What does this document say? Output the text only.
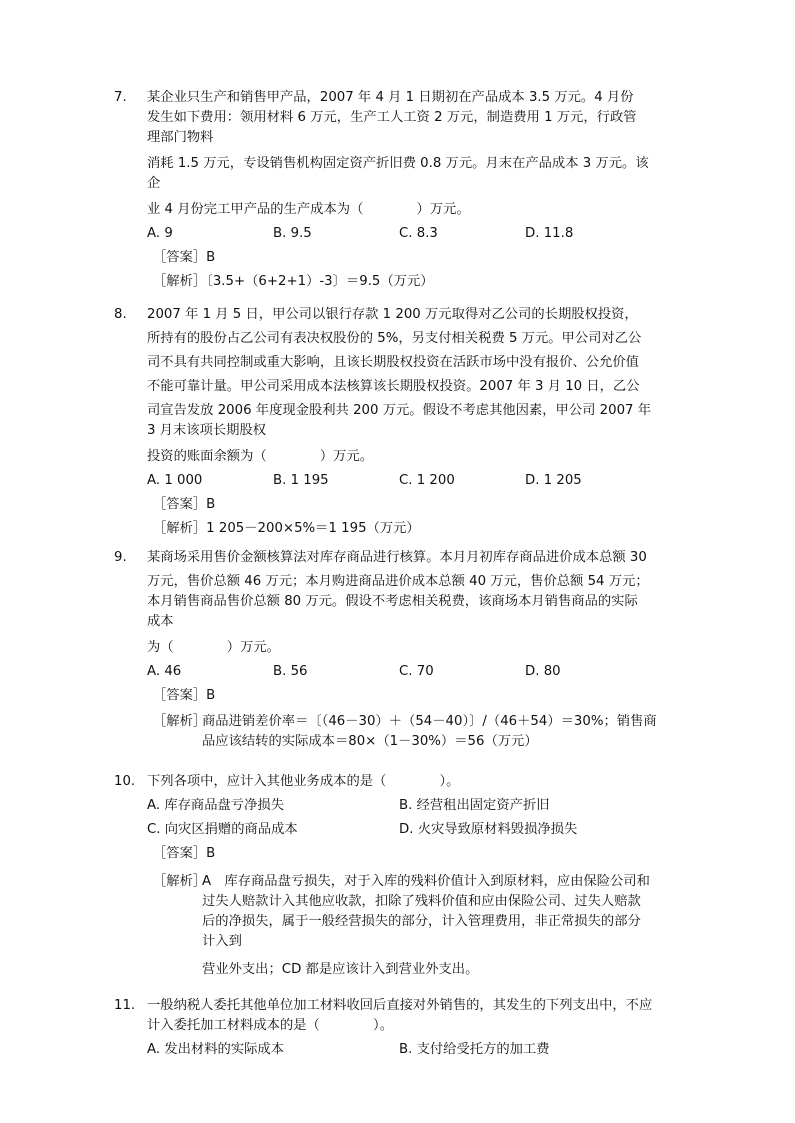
7. 某企业只生产和销售甲产品，2007 年 4 月 1 日期初在产品成本 3.5 万元。4 月份
发生如下费用：领用材料 6 万元，生产工人工资 2 万元，制造费用 1 万元，行政管
理部门物料
消耗 1.5 万元，专设销售机构固定资产折旧费 0.8 万元。月末在产品成本 3 万元。该
企
业 4 月份完工甲产品的生产成本为（　　　　）万元。
A. 9	B. 9.5	C. 8.3	D. 11.8
［答案］B
［解析］〔3.5+（6+2+1）-3〕＝9.5（万元）
8. 2007 年 1 月 5 日，甲公司以银行存款 1 200 万元取得对乙公司的长期股权投资，
所持有的股份占乙公司有表决权股份的 5%，另支付相关税费 5 万元。甲公司对乙公
司不具有共同控制或重大影响，且该长期股权投资在活跃市场中没有报价、公允价值
不能可靠计量。甲公司采用成本法核算该长期股权投资。2007 年 3 月 10 日，乙公
司宣告发放 2006 年度现金股利共 200 万元。假设不考虑其他因素，甲公司 2007 年
3 月末该项长期股权
投资的账面余额为（　　　　）万元。
A. 1 000	B. 1 195	C. 1 200	D. 1 205
［答案］B
［解析］1 205－200×5%＝1 195（万元）
9. 某商场采用售价金额核算法对库存商品进行核算。本月月初库存商品进价成本总额 30
万元，售价总额 46 万元；本月购进商品进价成本总额 40 万元，售价总额 54 万元；
本月销售商品售价总额 80 万元。假设不考虑相关税费，该商场本月销售商品的实际
成本
为（　　　　）万元。
A. 46	B. 56	C. 70	D. 80
［答案］B
［解析］
商品进销差价率＝〔（46－30）＋（54－40）〕/（46＋54）＝30%；销售商
品应该结转的实际成本＝80×（1－30%）＝56（万元）
10. 下列各项中，应计入其他业务成本的是（　　　　）。
A. 库存商品盘亏净损失	B. 经营租出固定资产折旧
C. 向灾区捐赠的商品成本	D. 火灾导致原材料毁损净损失
［答案］B
［解析］
A　库存商品盘亏损失，对于入库的残料价值计入到原材料，应由保险公司和
过失人赔款计入其他应收款，扣除了残料价值和应由保险公司、过失人赔款
后的净损失，属于一般经营损失的部分，计入管理费用，非正常损失的部分
计入到
营业外支出；CD 都是应该计入到营业外支出。
11. 一般纳税人委托其他单位加工材料收回后直接对外销售的，其发生的下列支出中，不应
计入委托加工材料成本的是（　　　　）。
A. 发出材料的实际成本	B. 支付给受托方的加工费
